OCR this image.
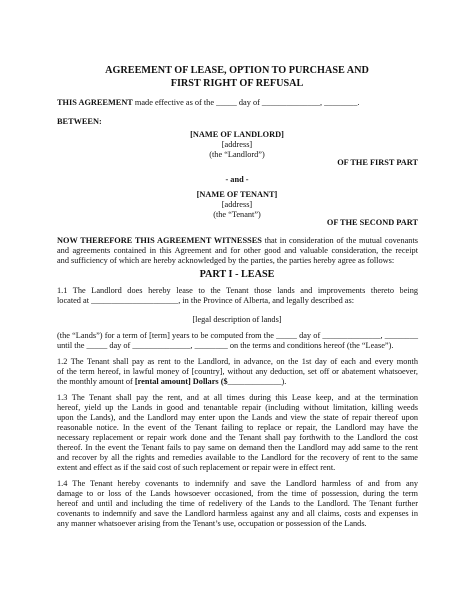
AGREEMENT OF LEASE, OPTION TO PURCHASE AND
FIRST RIGHT OF REFUSAL
THIS AGREEMENT made effective as of the _____ day of ______________, ________.
BETWEEN:
[NAME OF LANDLORD]
[address]
(the “Landlord”)
OF THE FIRST PART
- and -
[NAME OF TENANT]
[address]
(the “Tenant”)
OF THE SECOND PART
NOW THEREFORE THIS AGREEMENT WITNESSES that in consideration of the mutual covenants
and agreements contained in this Agreement and for other good and valuable consideration, the receipt
and sufficiency of which are hereby acknowledged by the parties, the parties hereby agree as follows:
PART I - LEASE
1.1 The Landlord does hereby lease to the Tenant those lands and improvements thereto being
located at _____________________, in the Province of Alberta, and legally described as:
[legal description of lands]
(the “Lands”) for a term of [term] years to be computed from the _____ day of ______________, ________
until the _____ day of ______________, ________ on the terms and conditions hereof (the “Lease”).
1.2 The Tenant shall pay as rent to the Landlord, in advance, on the 1st day of each and every month
of the term hereof, in lawful money of [country], without any deduction, set off or abatement whatsoever,
the monthly amount of [rental amount] Dollars ($_____________).
1.3 The Tenant shall pay the rent, and at all times during this Lease keep, and at the termination
hereof, yield up the Lands in good and tenantable repair (including without limitation, killing weeds
upon the Lands), and the Landlord may enter upon the Lands and view the state of repair thereof upon
reasonable notice. In the event of the Tenant failing to replace or repair, the Landlord may have the
necessary replacement or repair work done and the Tenant shall pay forthwith to the Landlord the cost
thereof. In the event the Tenant fails to pay same on demand then the Landlord may add same to the rent
and recover by all the rights and remedies available to the Landlord for the recovery of rent to the same
extent and effect as if the said cost of such replacement or repair were in effect rent.
1.4 The Tenant hereby covenants to indemnify and save the Landlord harmless of and from any
damage to or loss of the Lands howsoever occasioned, from the time of possession, during the term
hereof and until and including the time of redelivery of the Lands to the Landlord. The Tenant further
covenants to indemnify and save the Landlord harmless against any and all claims, costs and expenses in
any manner whatsoever arising from the Tenant’s use, occupation or possession of the Lands.
